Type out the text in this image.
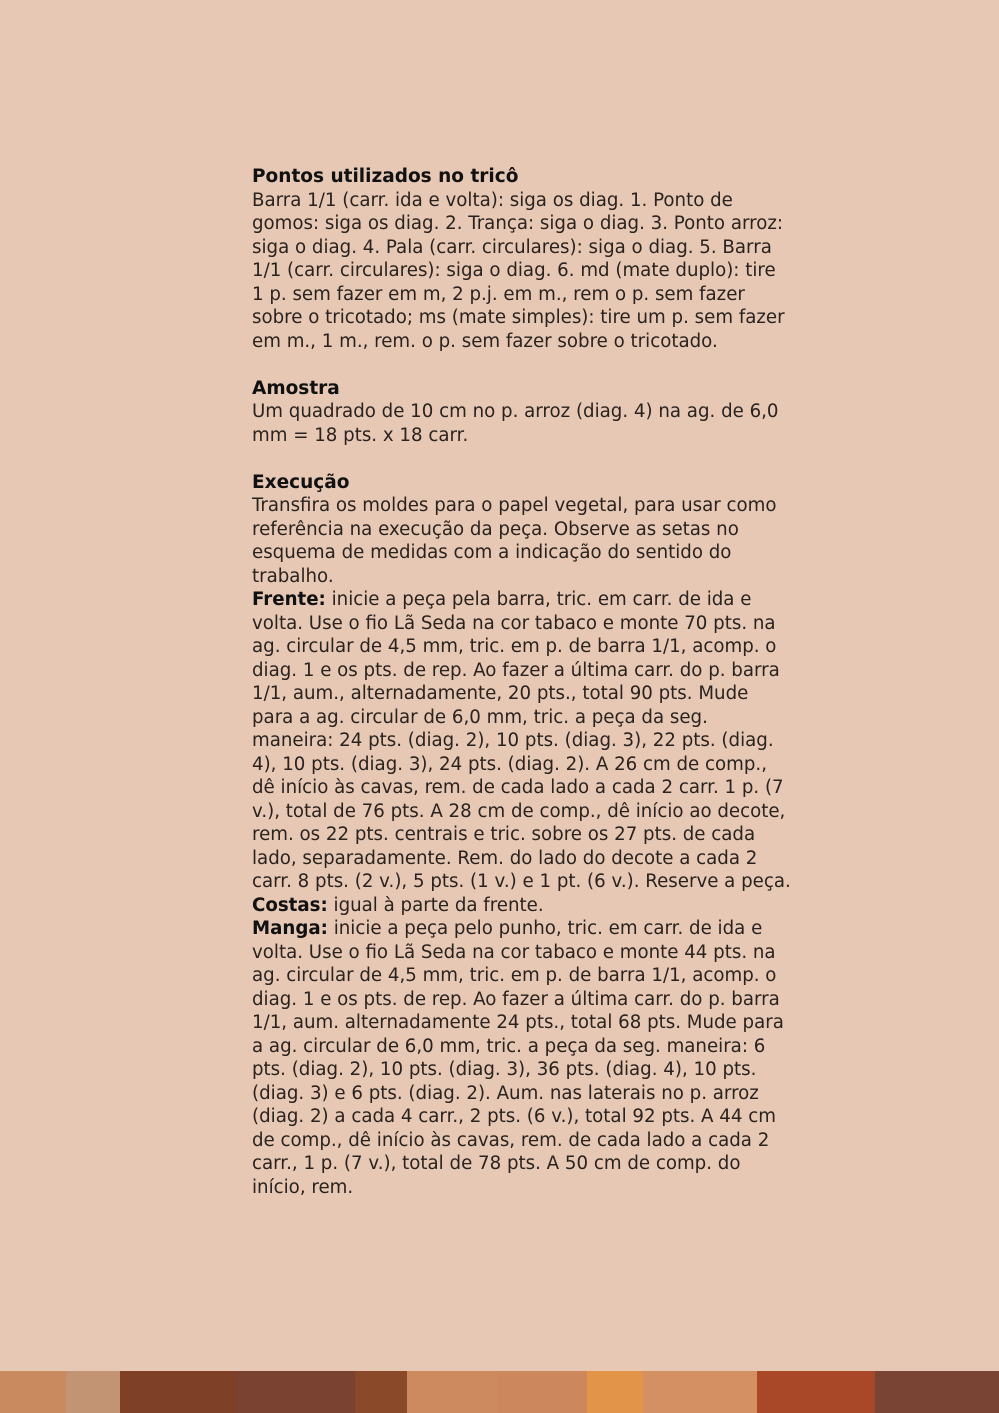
Pontos utilizados no tricô

Barra 1/1 (carr. ida e volta): siga os diag. 1. Ponto de gomos: siga os diag. 2. Trança: siga o diag. 3. Ponto arroz: siga o diag. 4. Pala (carr. circulares): siga o diag. 5. Barra 1/1 (carr. circulares): siga o diag. 6. md (mate duplo): tire 1 p. sem fazer em m, 2 p.j. em m., rem o p. sem fazer sobre o tricotado; ms (mate simples): tire um p. sem fazer em m., 1 m., rem. o p. sem fazer sobre o tricotado.

Amostra

Um quadrado de 10 cm no p. arroz (diag. 4) na ag. de 6,0 mm = 18 pts. x 18 carr.

Execução

Transfira os moldes para o papel vegetal, para usar como referência na execução da peça. Observe as setas no esquema de medidas com a indicação do sentido do trabalho.

Frente: inicie a peça pela barra, tric. em carr. de ida e volta. Use o fio Lã Seda na cor tabaco e monte 70 pts. na ag. circular de 4,5 mm, tric. em p. de barra 1/1, acomp. o diag. 1 e os pts. de rep. Ao fazer a última carr. do p. barra 1/1, aum., alternadamente, 20 pts., total 90 pts. Mude para a ag. circular de 6,0 mm, tric. a peça da seg. maneira: 24 pts. (diag. 2), 10 pts. (diag. 3), 22 pts. (diag. 4), 10 pts. (diag. 3), 24 pts. (diag. 2). A 26 cm de comp., dê início às cavas, rem. de cada lado a cada 2 carr. 1 p. (7 v.), total de 76 pts. A 28 cm de comp., dê início ao decote, rem. os 22 pts. centrais e tric. sobre os 27 pts. de cada lado, separadamente. Rem. do lado do decote a cada 2 carr. 8 pts. (2 v.), 5 pts. (1 v.) e 1 pt. (6 v.). Reserve a peça.

Costas: igual à parte da frente.

Manga: inicie a peça pelo punho, tric. em carr. de ida e volta. Use o fio Lã Seda na cor tabaco e monte 44 pts. na ag. circular de 4,5 mm, tric. em p. de barra 1/1, acomp. o diag. 1 e os pts. de rep. Ao fazer a última carr. do p. barra 1/1, aum. alternadamente 24 pts., total 68 pts. Mude para a ag. circular de 6,0 mm, tric. a peça da seg. maneira: 6 pts. (diag. 2), 10 pts. (diag. 3), 36 pts. (diag. 4), 10 pts. (diag. 3) e 6 pts. (diag. 2). Aum. nas laterais no p. arroz (diag. 2) a cada 4 carr., 2 pts. (6 v.), total 92 pts. A 44 cm de comp., dê início às cavas, rem. de cada lado a cada 2 carr., 1 p. (7 v.), total de 78 pts. A 50 cm de comp. do início, rem.
